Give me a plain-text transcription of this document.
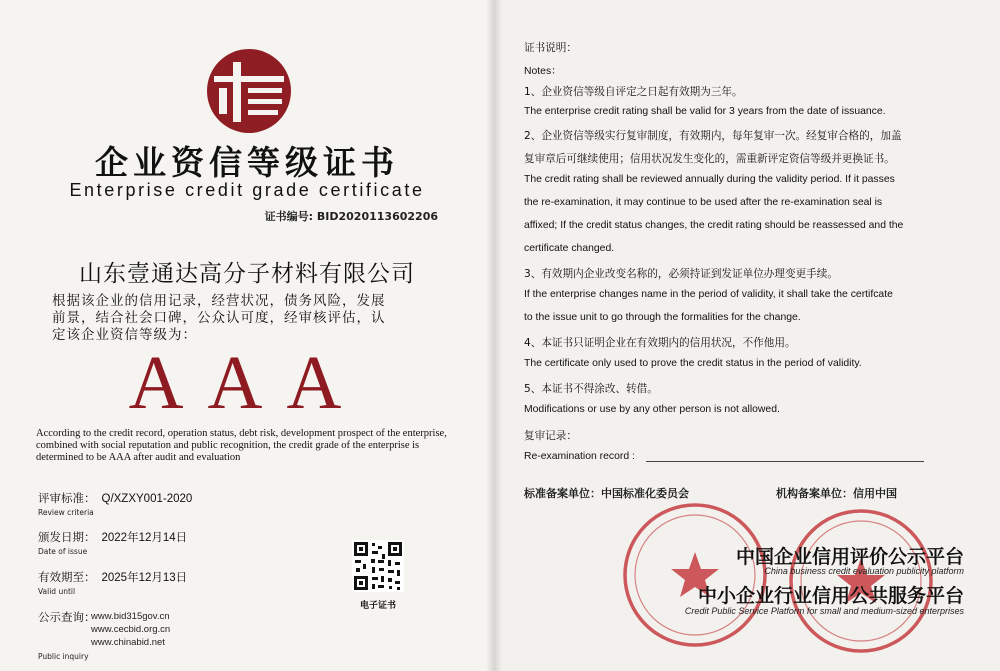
企业资信等级证书
Enterprise credit grade certificate
证书编号: BID2020113602206
山东壹通达高分子材料有限公司
根据该企业的信用记录，经营状况，债务风险，发展
前景，结合社会口碑，公众认可度，经审核评估，认
定该企业资信等级为：
AAA
According to the credit record, operation status, debt risk, development prospect of the enterprise, combined with social reputation and public recognition, the credit grade of the enterprise is determined to be AAA after audit and evaluation
评审标准： Q/XZXY001-2020
Review criteria
颁发日期： 2022年12月14日
Date of issue
有效期至： 2025年12月13日
Valid until
公示查询：
www.bid315gov.cn
www.cecbid.org.cn
www.chinabid.net
Public inquiry
电子证书
证书说明：
Notes：
1、企业资信等级自评定之日起有效期为三年。
The enterprise credit rating shall be valid for 3 years from the date of issuance.
2、企业资信等级实行复审制度，有效期内，每年复审一次。经复审合格的，加盖
复审章后可继续使用；信用状况发生变化的，需重新评定资信等级并更换证书。
The credit rating shall be reviewed annually during the validity period. If it passes
the re-examination, it may continue to be used after the re-examination seal is
affixed; If the credit status changes, the credit rating should be reassessed and the
certificate changed.
3、有效期内企业改变名称的，必须持证到发证单位办理变更手续。
If the enterprise changes name in the period of validity, it shall take the certifcate
to the issue unit to go through the formalities for the change.
4、本证书只证明企业在有效期内的信用状况，不作他用。
The certificate only used to prove the credit status in the period of validity.
5、本证书不得涂改、转借。
Modifications or use by any other person is not allowed.
复审记录：
Re-examination record :
标准备案单位：中国标准化委员会	机构备案单位：信用中国
中国企业信用评价公示平台
China business credit evaluation publicity platform
中小企业行业信用公共服务平台
Credit Public Service Platform for small and medium-sized enterprises
